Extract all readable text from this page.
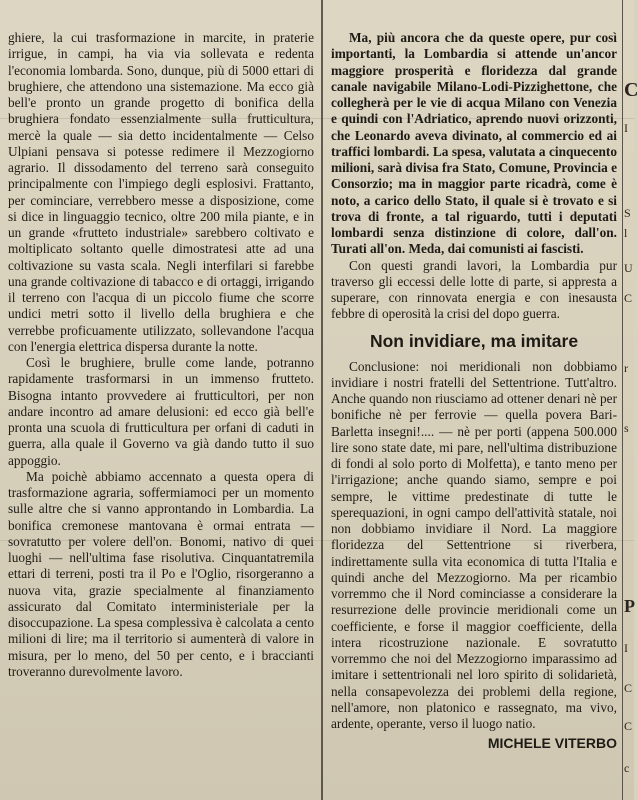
ghiere, la cui trasformazione in marcite, in praterie irrigue, in campi, ha via via sollevata e redenta l'economia lombarda. Sono, dunque, più di 5000 ettari di brughiere, che attendono una sistemazione. Ma ecco già bell'e pronto un grande progetto di bonifica della brughiera fondato essenzialmente sulla frutticultura, mercè la quale — sia detto incidentalmente — Celso Ulpiani pensava si potesse redimere il Mezzogiorno agrario. Il dissodamento del terreno sarà conseguito principalmente con l'impiego degli esplosivi. Frattanto, per cominciare, verrebbero messe a disposizione, come si dice in linguaggio tecnico, oltre 200 mila piante, e in un grande «frutteto industriale» sarebbero coltivato e moltiplicato soltanto quelle dimostratesi atte ad una coltivazione su vasta scala. Negli interfilari si farebbe una grande coltivazione di tabacco e di ortaggi, irrigando il terreno con l'acqua di un piccolo fiume che scorre undici metri sotto il livello della brughiera e che verrebbe proficuamente utilizzato, sollevandone l'acqua con l'energia elettrica dispersa durante la notte.

Così le brughiere, brulle come lande, potranno rapidamente trasformarsi in un immenso frutteto. Bisogna intanto provvedere ai frutticultori, per non andare incontro ad amare delusioni: ed ecco già bell'e pronta una scuola di frutticultura per orfani di caduti in guerra, alla quale il Governo va già dando tutto il suo appoggio.

Ma poichè abbiamo accennato a questa opera di trasformazione agraria, soffermiamoci per un momento sulle altre che si vanno approntando in Lombardia. La bonifica cremonese mantovana è ormai entrata — sovratutto per volere dell'on. Bonomi, nativo di quei luoghi — nell'ultima fase risolutiva. Cinquantatremila ettari di terreni, posti tra il Po e l'Oglio, risorgeranno a nuova vita, grazie specialmente al finanziamento assicurato dal Comitato interministeriale per la disoccupazione. La spesa complessiva è calcolata a cento milioni di lire; ma il territorio si aumenterà di valore in misura, per lo meno, del 50 per cento, e i braccianti troveranno durevolmente lavoro.

Ma, più ancora che da queste opere, pur così importanti, la Lombardia si attende un'ancor maggiore prosperità e floridezza dal grande canale navigabile Milano-Lodi-Pizzighettone, che collegherà per le vie di acqua Milano con Venezia e quindi con l'Adriatico, aprendo nuovi orizzonti, che Leonardo aveva divinato, al commercio ed ai traffici lombardi. La spesa, valutata a cinquecento milioni, sarà divisa fra Stato, Comune, Provincia e Consorzio; ma in maggior parte ricadrà, come è noto, a carico dello Stato, il quale si è trovato e si trova di fronte, a tal riguardo, tutti i deputati lombardi senza distinzione di colore, dall'on. Turati all'on. Meda, dai comunisti ai fascisti.

Con questi grandi lavori, la Lombardia pur traverso gli eccessi delle lotte di parte, si appresta a superare, con rinnovata energia e con inesausta febbre di operosità la crisi del dopo guerra.

Non invidiare, ma imitare

Conclusione: noi meridionali non dobbiamo invidiare i nostri fratelli del Settentrione. Tutt'altro. Anche quando non riusciamo ad ottener denari nè per bonifiche nè per ferrovie — quella povera Bari-Barletta insegni!.... — nè per porti (appena 500.000 lire sono state date, mi pare, nell'ultima distribuzione di fondi al solo porto di Molfetta), e tanto meno per l'irrigazione; anche quando siamo, sempre e poi sempre, le vittime predestinate di tutte le sperequazioni, in ogni campo dell'attività statale, noi non dobbiamo invidiare il Nord. La maggiore floridezza del Settentrione si riverbera, indirettamente sulla vita economica di tutta l'Italia e quindi anche del Mezzogiorno. Ma per ricambio vorremmo che il Nord cominciasse a considerare la resurrezione delle provincie meridionali come un coefficiente, e forse il maggior coefficiente, della intera ricostruzione nazionale. E sovratutto vorremmo che noi del Mezzogiorno imparassimo ad imitare i settentrionali nel loro spirito di solidarietà, nella consapevolezza dei problemi della regione, nell'amore, non platonico e rassegnato, ma vivo, ardente, operante, verso il luogo natio.

MICHELE VITERBO
C
I
S
l
U
C
r
s
P
I
C
C
c
